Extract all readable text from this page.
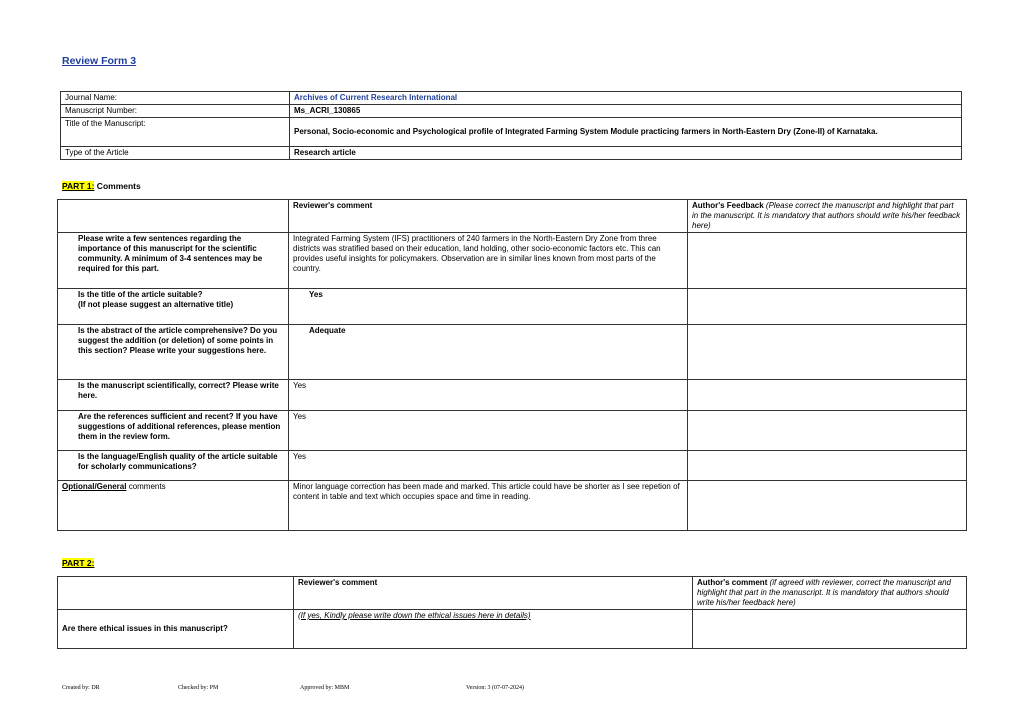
Review Form 3
Journal Name:	Archives of Current Research International
Manuscript Number:	Ms_ACRI_130865
Title of the Manuscript:	Personal, Socio-economic and Psychological profile of Integrated Farming System Module practicing farmers in North-Eastern Dry (Zone-II) of Karnataka.
Type of the Article	Research article
PART 1: Comments
	Reviewer's comment	Author's Feedback (Please correct the manuscript and highlight that part in the manuscript. It is mandatory that authors should write his/her feedback here)
Please write a few sentences regarding the importance of this manuscript for the scientific community. A minimum of 3-4 sentences may be required for this part.	Integrated Farming System (IFS) practitioners of 240 farmers in the North-Eastern Dry Zone from three districts was stratified based on their education, land holding, other socio-economic factors etc. This can provides useful insights for policymakers. Observation are in similar lines known from most parts of the country.	
Is the title of the article suitable?
(If not please suggest an alternative title)	Yes	
Is the abstract of the article comprehensive? Do you suggest the addition (or deletion) of some points in this section? Please write your suggestions here.	Adequate	
Is the manuscript scientifically, correct? Please write here.	Yes	
Are the references sufficient and recent? If you have suggestions of additional references, please mention them in the review form.	Yes	
Is the language/English quality of the article suitable for scholarly communications?	Yes	
Optional/General comments	Minor language correction has been made and marked. This article could have be shorter as I see repetion of content in table and text which occupies space and time in reading.	
PART 2:
	Reviewer's comment	Author's comment (if agreed with reviewer, correct the manuscript and highlight that part in the manuscript. It is mandatory that authors should write his/her feedback here)
Are there ethical issues in this manuscript?	(If yes, Kindly please write down the ethical issues here in details)	
Created by: DR	Checked by: PM	Approved by: MBM	Version: 3 (07-07-2024)
